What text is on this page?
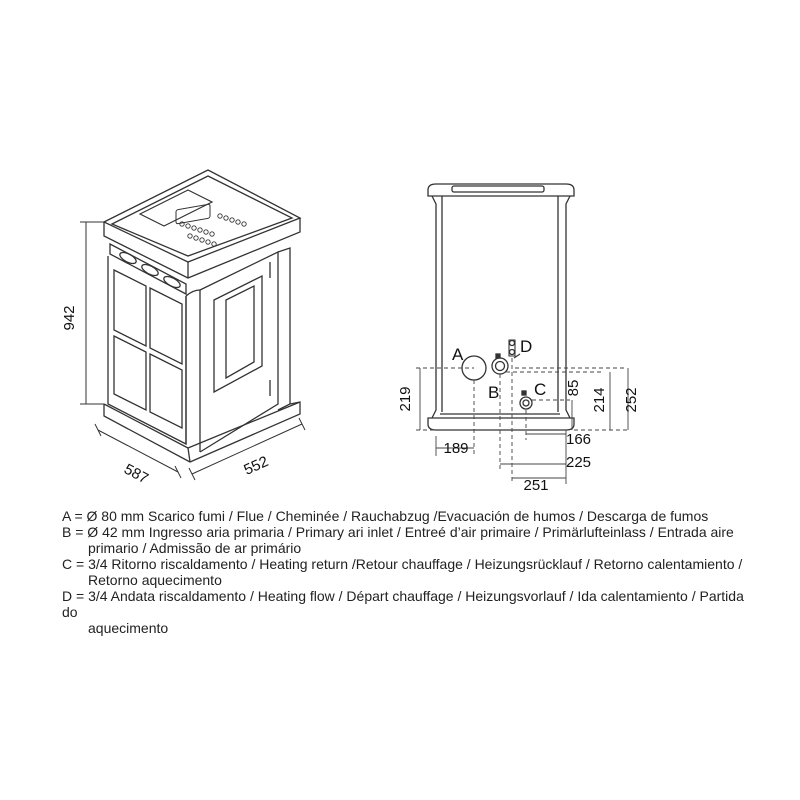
942
587	552
A
B C
D
219	85 214 252
189
166
225
251

A = Ø 80 mm Scarico fumi / Flue / Cheminée / Rauchabzug /Evacuación de humos / Descarga de fumos

B = Ø 42 mm Ingresso aria primaria / Primary ari inlet / Entreé d’air primaire / Primärlufteinlass / Entrada aire
primario / Admissão de ar primário

C = 3/4 Ritorno riscaldamento / Heating return /Retour chauffage / Heizungsrücklauf / Retorno calentamiento /
Retorno aquecimento

D = 3/4 Andata riscaldamento / Heating flow / Départ chauffage / Heizungsvorlauf / Ida calentamiento / Partida do
aquecimento
